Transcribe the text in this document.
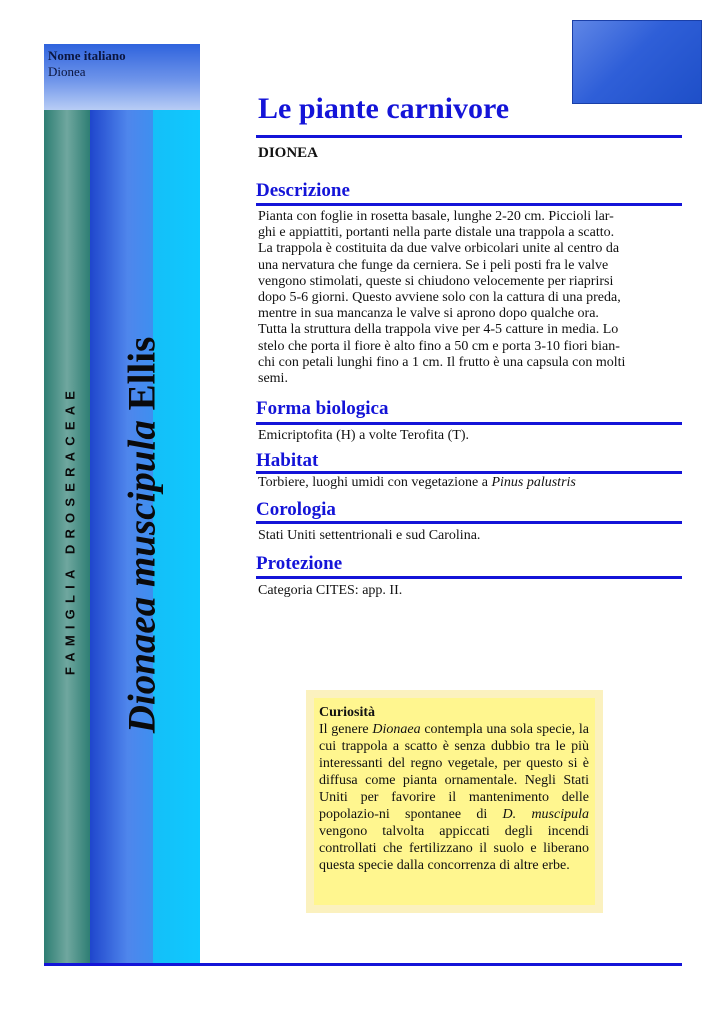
Nome italiano
Dionea
FAMIGLIA DROSERACEAE Dionaea muscipula Ellis
Le piante carnivore
DIONEA
Descrizione
Pianta con foglie in rosetta basale, lunghe 2-20 cm. Piccioli lar-
ghi e appiattiti, portanti nella parte distale una trappola a scatto.
La trappola è costituita da due valve orbicolari unite al centro da
una nervatura che funge da cerniera. Se i peli posti fra le valve
vengono stimolati, queste si chiudono velocemente per riaprirsi
dopo 5-6 giorni. Questo avviene solo con la cattura di una preda,
mentre in sua mancanza le valve si aprono dopo qualche ora.
Tutta la struttura della trappola vive per 4-5 catture in media. Lo
stelo che porta il fiore è alto fino a 50 cm e porta 3-10 fiori bian-
chi con petali lunghi fino a 1 cm. Il frutto è una capsula con molti
semi.
Forma biologica
Emicriptofita (H) a volte Terofita (T).
Habitat
Torbiere, luoghi umidi con vegetazione a Pinus palustris
Corologia
Stati Uniti settentrionali e sud Carolina.
Protezione
Categoria CITES: app. II.
Curiosità
Il genere Dionaea contempla una sola specie, la cui trappola a scatto è senza dubbio tra le più interessanti del regno vegetale, per questo si è diffusa come pianta ornamentale. Negli Stati Uniti per favorire il mantenimento delle popolazio-ni spontanee di D. muscipula vengono talvolta appiccati degli incendi controllati che fertilizzano il suolo e liberano questa specie dalla concorrenza di altre erbe.
